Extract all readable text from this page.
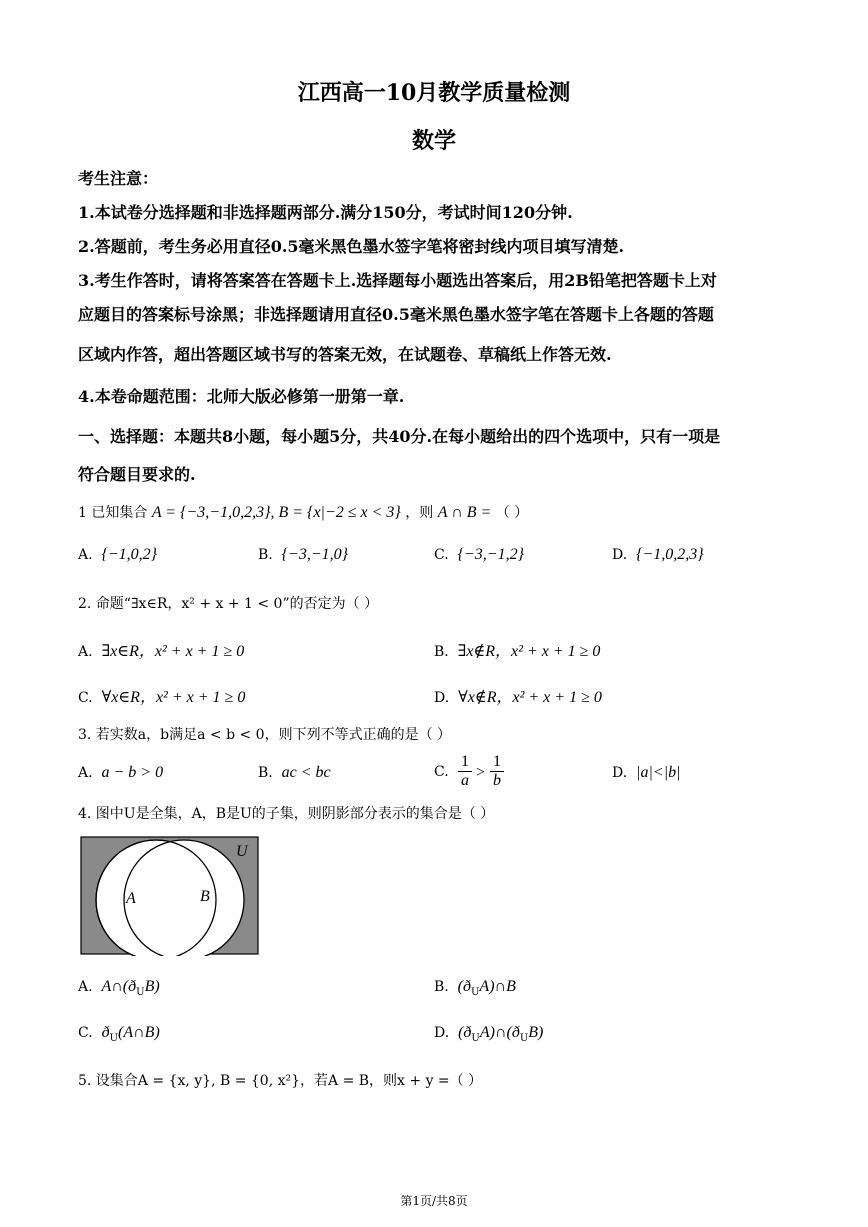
江西高一10月教学质量检测
数学
考生注意：
1.本试卷分选择题和非选择题两部分.满分150分，考试时间120分钟.
2.答题前，考生务必用直径0.5毫米黑色墨水签字笔将密封线内项目填写清楚.
3.考生作答时，请将答案答在答题卡上.选择题每小题选出答案后，用2B铅笔把答题卡上对
应题目的答案标号涂黑；非选择题请用直径0.5毫米黑色墨水签字笔在答题卡上各题的答题
区域内作答，超出答题区域书写的答案无效，在试题卷、草稿纸上作答无效.
4.本卷命题范围：北师大版必修第一册第一章.
一、选择题：本题共8小题，每小题5分，共40分.在每小题给出的四个选项中，只有一项是
符合题目要求的.
1 已知集合 A = {−3,−1,0,2,3}, B = {x|−2 ≤ x < 3} ，则 A ∩ B = （ ）
A. {−1,0,2}	B. {−3,−1,0}	C. {−3,−1,2}	D. {−1,0,2,3}
2. 命题“∃x∈R，x² + x + 1 < 0”的否定为（ ）
A. ∃x∈R，x² + x + 1 ≥ 0	B. ∃x∉R，x² + x + 1 ≥ 0
C. ∀x∈R，x² + x + 1 ≥ 0	D. ∀x∉R，x² + x + 1 ≥ 0
3. 若实数a，b满足a < b < 0，则下列不等式正确的是（ ）
A. a − b > 0	B. ac < bc	C.
1
a >
1
b	D. |a|<|b|
4. 图中U是全集，A，B是U的子集，则阴影部分表示的集合是（ ）
U
A	B
A. $A\cap(ð_UB)$	B. $(ð_UA)\cap B$
C. $ð_U(A\cap B)$	D. $(ð_UA)\cap(ð_UB)$
5. 设集合A = {x, y}, B = {0, x²}，若A = B，则x + y =（ ）
第1页/共8页
